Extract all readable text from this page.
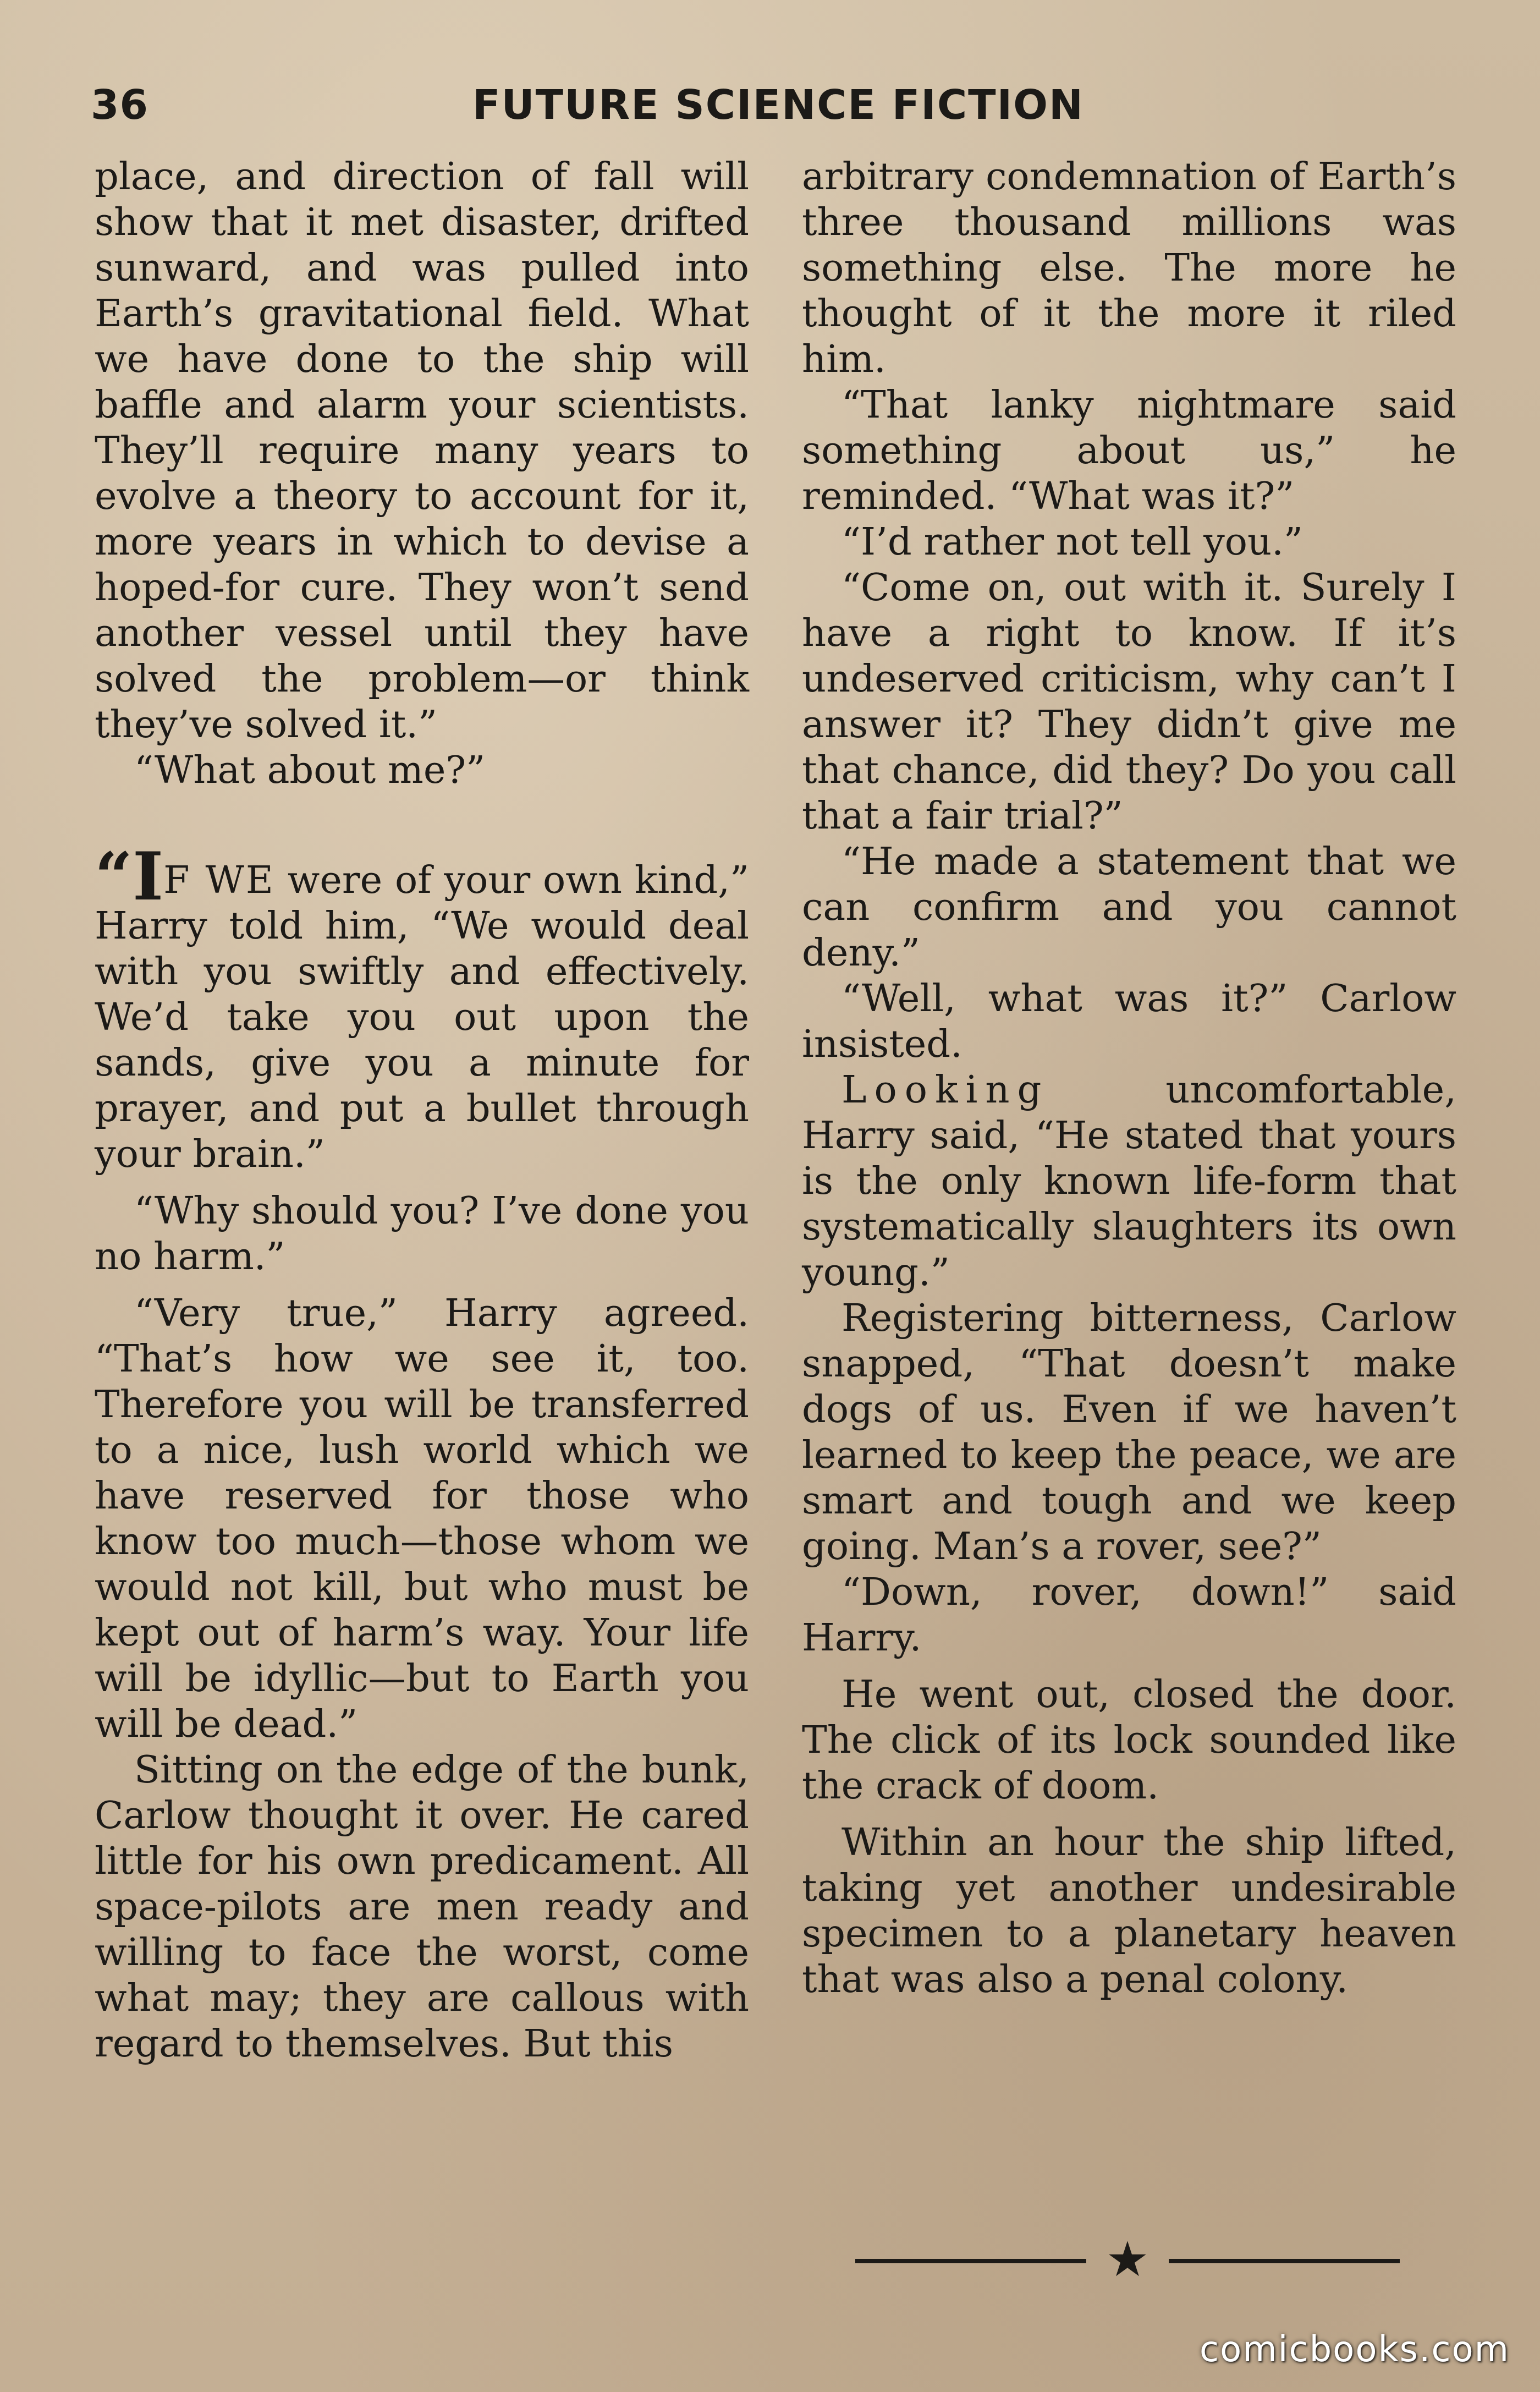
36	FUTURE SCIENCE FICTION

place, and direction of fall will show that it met disaster, drifted sunward, and was pulled into Earth’s gravitational field. What we have done to the ship will baffle and alarm your scientists. They’ll require many years to evolve a theory to account for it, more years in which to devise a hoped-for cure. They won’t send another vessel until they have solved the problem—or think they’ve solved it.”

“What about me?”

“IF WE were of your own kind,” Harry told him, “We would deal with you swiftly and effectively. We’d take you out upon the sands, give you a minute for prayer, and put a bullet through your brain.”

“Why should you? I’ve done you no harm.”

“Very true,” Harry agreed. “That’s how we see it, too. Therefore you will be transferred to a nice, lush world which we have reserved for those who know too much—those whom we would not kill, but who must be kept out of harm’s way. Your life will be idyllic—but to Earth you will be dead.”

Sitting on the edge of the bunk, Carlow thought it over. He cared little for his own predicament. All space-pilots are men ready and willing to face the worst, come what may; they are callous with regard to themselves. But this

arbitrary condemnation of Earth’s three thousand millions was something else. The more he thought of it the more it riled him.

“That lanky nightmare said something about us,” he reminded. “What was it?”

“I’d rather not tell you.”

“Come on, out with it. Surely I have a right to know. If it’s undeserved criticism, why can’t I answer it? They didn’t give me that chance, did they? Do you call that a fair trial?”

“He made a statement that we can confirm and you cannot deny.”

“Well, what was it?” Carlow insisted.

Looking uncomfortable, Harry said, “He stated that yours is the only known life-form that systematically slaughters its own young.”

Registering bitterness, Carlow snapped, “That doesn’t make dogs of us. Even if we haven’t learned to keep the peace, we are smart and tough and we keep going. Man’s a rover, see?”

“Down, rover, down!” said Harry.

He went out, closed the door. The click of its lock sounded like the crack of doom.

Within an hour the ship lifted, taking yet another undesirable specimen to a planetary heaven that was also a penal colony.

★
comicbooks.com
